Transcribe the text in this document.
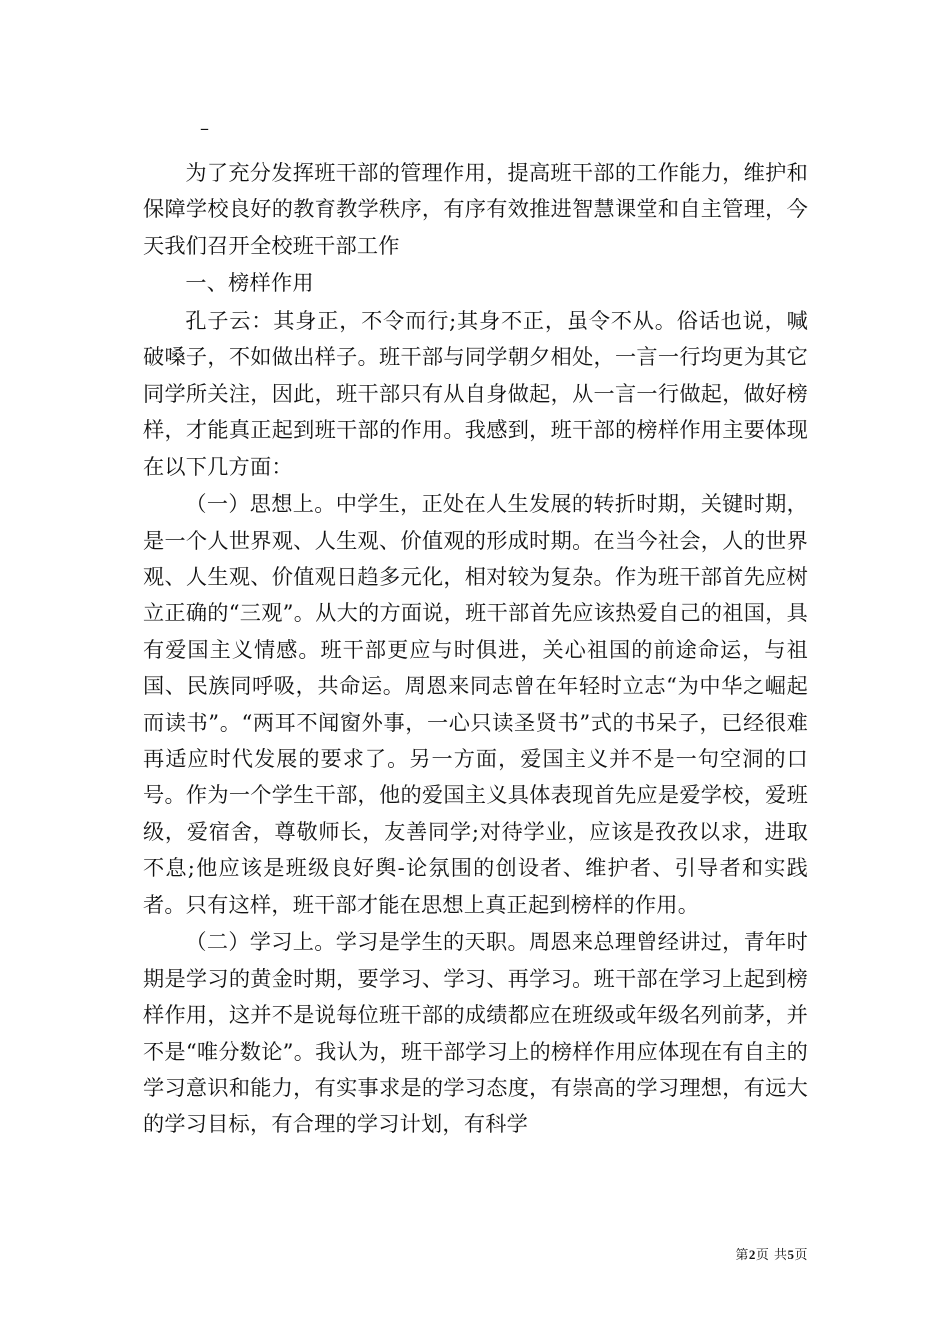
–

为了充分发挥班干部的管理作用，提高班干部的工作能力，维护和保障学校良好的教育教学秩序，有序有效推进智慧课堂和自主管理，今天我们召开全校班干部工作

一、榜样作用

孔子云：其身正，不令而行;其身不正，虽令不从。俗话也说，喊破嗓子，不如做出样子。班干部与同学朝夕相处，一言一行均更为其它同学所关注，因此，班干部只有从自身做起，从一言一行做起，做好榜样，才能真正起到班干部的作用。我感到，班干部的榜样作用主要体现在以下几方面：

（一）思想上。中学生，正处在人生发展的转折时期，关键时期，是一个人世界观、人生观、价值观的形成时期。在当今社会，人的世界观、人生观、价值观日趋多元化，相对较为复杂。作为班干部首先应树立正确的“三观”。从大的方面说，班干部首先应该热爱自己的祖国，具有爱国主义情感。班干部更应与时俱进，关心祖国的前途命运，与祖国、民族同呼吸，共命运。周恩来同志曾在年轻时立志“为中华之崛起而读书”。“两耳不闻窗外事，一心只读圣贤书”式的书呆子，已经很难再适应时代发展的要求了。另一方面，爱国主义并不是一句空洞的口号。作为一个学生干部，他的爱国主义具体表现首先应是爱学校，爱班级，爱宿舍，尊敬师长，友善同学;对待学业，应该是孜孜以求，进取不息;他应该是班级良好舆-论氛围的创设者、维护者、引导者和实践者。只有这样，班干部才能在思想上真正起到榜样的作用。

（二）学习上。学习是学生的天职。周恩来总理曾经讲过，青年时期是学习的黄金时期，要学习、学习、再学习。班干部在学习上起到榜样作用，这并不是说每位班干部的成绩都应在班级或年级名列前茅，并不是“唯分数论”。我认为，班干部学习上的榜样作用应体现在有自主的学习意识和能力，有实事求是的学习态度，有崇高的学习理想，有远大的学习目标，有合理的学习计划，有科学

第2页 共5页
